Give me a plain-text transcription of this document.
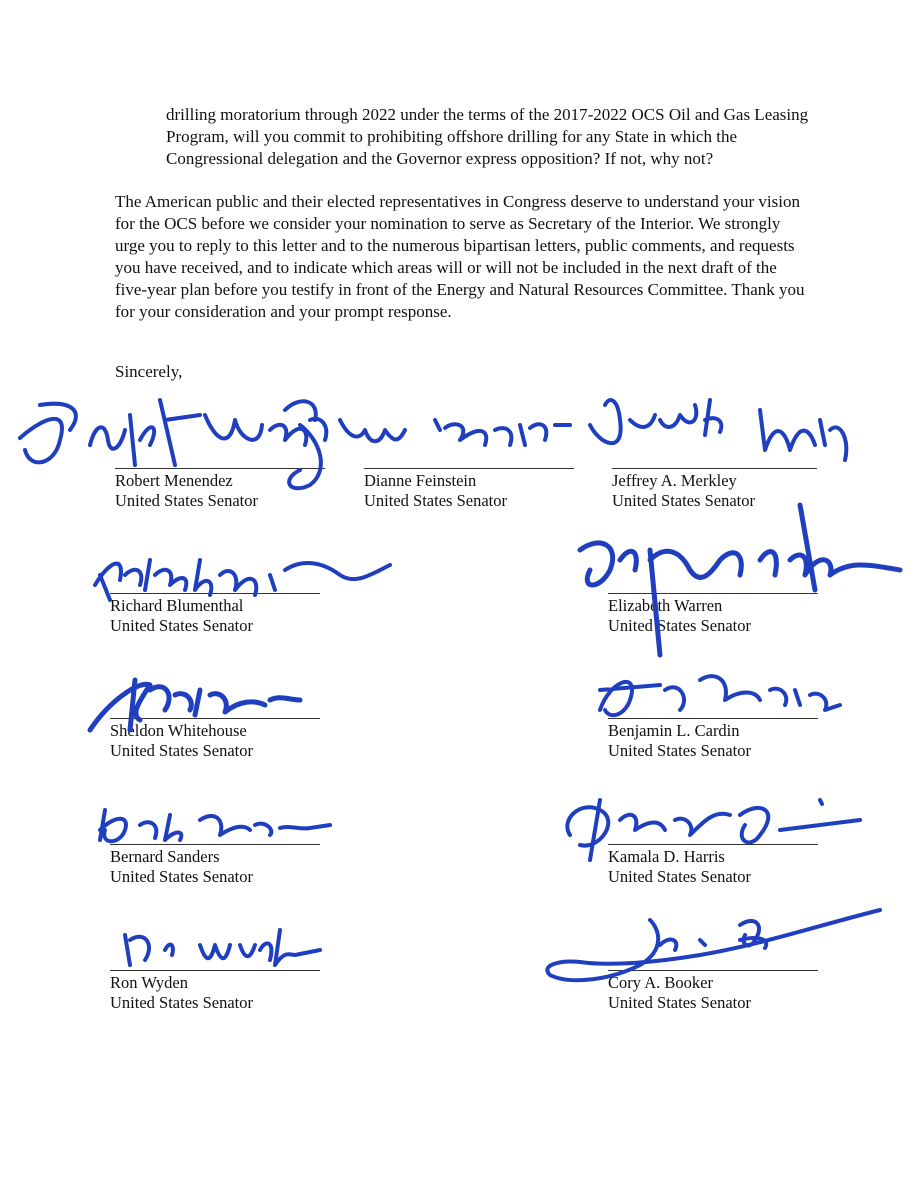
drilling moratorium through 2022 under the terms of the 2017-2022 OCS Oil and Gas Leasing Program, will you commit to prohibiting offshore drilling for any State in which the Congressional delegation and the Governor express opposition? If not, why not?

The American public and their elected representatives in Congress deserve to understand your vision for the OCS before we consider your nomination to serve as Secretary of the Interior. We strongly urge you to reply to this letter and to the numerous bipartisan letters, public comments, and requests you have received, and to indicate which areas will or will not be included in the next draft of the five-year plan before you testify in front of the Energy and Natural Resources Committee. Thank you for your consideration and your prompt response.

Sincerely,

Robert Menendez
United States Senator
Dianne Feinstein
United States Senator
Jeffrey A. Merkley
United States Senator
Richard Blumenthal
United States Senator
Elizabeth Warren
United States Senator
Sheldon Whitehouse
United States Senator
Benjamin L. Cardin
United States Senator
Bernard Sanders
United States Senator
Kamala D. Harris
United States Senator
Ron Wyden
United States Senator
Cory A. Booker
United States Senator
